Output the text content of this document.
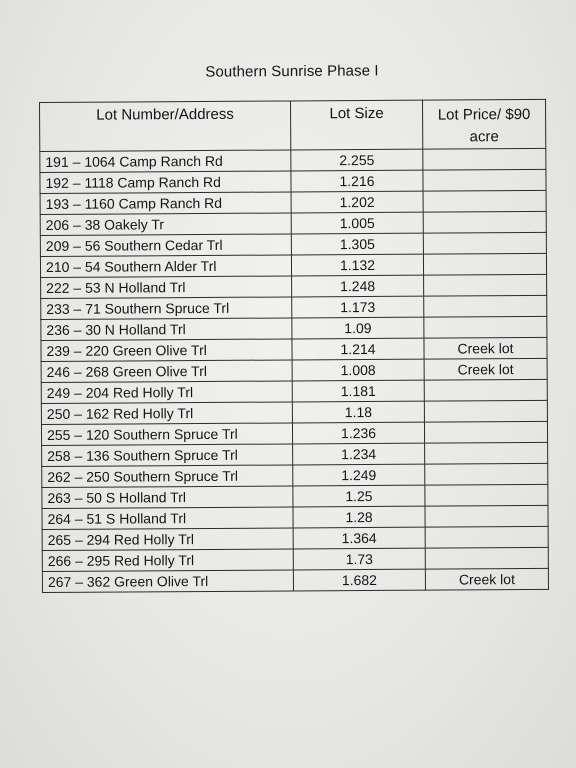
Southern Sunrise Phase I
Lot Number/Address	Lot Size	Lot Price/ $90
acre

191 – 1064 Camp Ranch Rd	2.255	
192 – 1118 Camp Ranch Rd	1.216	
193 – 1160 Camp Ranch Rd	1.202	
206 – 38 Oakely Tr	1.005	
209 – 56 Southern Cedar Trl	1.305	
210 – 54 Southern Alder Trl	1.132	
222 – 53 N Holland Trl	1.248	
233 – 71 Southern Spruce Trl	1.173	
236 – 30 N Holland Trl	1.09	
239 – 220 Green Olive Trl	1.214	Creek lot
246 – 268 Green Olive Trl	1.008	Creek lot
249 – 204 Red Holly Trl	1.181	
250 – 162 Red Holly Trl	1.18	
255 – 120 Southern Spruce Trl	1.236	
258 – 136 Southern Spruce Trl	1.234	
262 – 250 Southern Spruce Trl	1.249	
263 – 50 S Holland Trl	1.25	
264 – 51 S Holland Trl	1.28	
265 – 294 Red Holly Trl	1.364	
266 – 295 Red Holly Trl	1.73	
267 – 362 Green Olive Trl	1.682	Creek lot
